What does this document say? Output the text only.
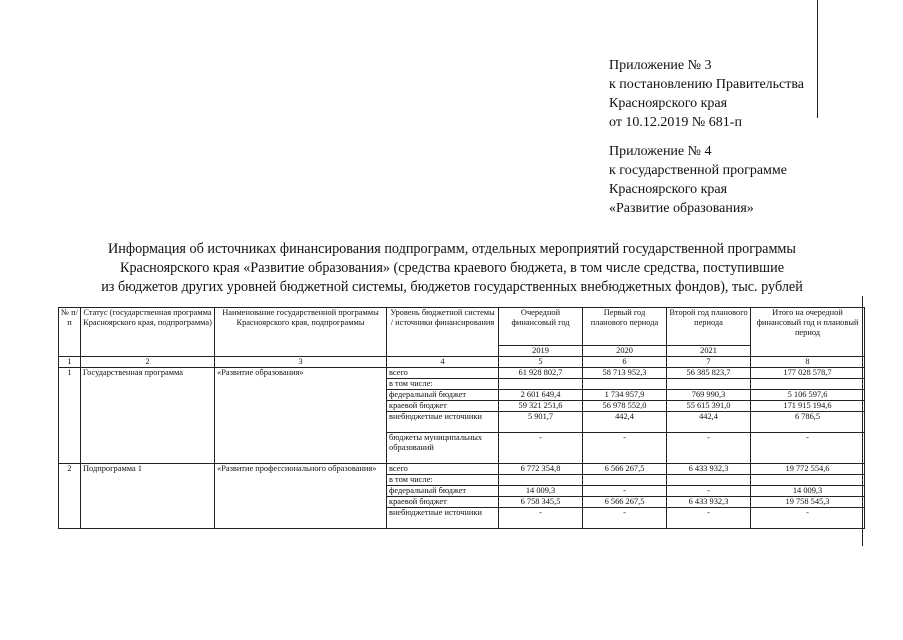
Приложение № 3
к постановлению Правительства
Красноярского края
от 10.12.2019 № 681-п
Приложение № 4
к государственной программе
Красноярского края
«Развитие образования»
Информация об источниках финансирования подпрограмм, отдельных мероприятий государственной программы
Красноярского края «Развитие образования» (средства краевого бюджета, в том числе средства, поступившие
из бюджетов других уровней бюджетной системы, бюджетов государственных внебюджетных фондов), тыс. рублей
№ п/п	Статус (государственная программа Красноярского края, подпрограмма)	Наименование государственной программы Красноярского края, подпрограммы	Уровень бюджетной системы / источники финансирования	Очередной финансовый год	Первый год планового периода	Второй год планового периода	Итого на очередной финансовый год и плановый период
				2019	2020	2021	
1	2	3	4	5	6	7	8
1	Государственная программа	«Развитие образования»	всего	61 928 802,7	58 713 952,3	56 385 823,7	177 028 578,7
			в том числе:				
			федеральный бюджет	2 601 649,4	1 734 957,9	769 990,3	5 106 597,6
			краевой бюджет	59 321 251,6	56 978 552,0	55 615 391,0	171 915 194,6
			внебюджетные источники	5 901,7	442,4	442,4	6 786,5
			бюджеты муниципальных образований	-	-	-	-
2	Подпрограмма 1	«Развитие профессионального образования»	всего	6 772 354,8	6 566 267,5	6 433 932,3	19 772 554,6
			в том числе:				
			федеральный бюджет	14 009,3	-	-	14 009,3
			краевой бюджет	6 758 345,5	6 566 267,5	6 433 932,3	19 758 545,3
			внебюджетные источники	-	-	-	-
